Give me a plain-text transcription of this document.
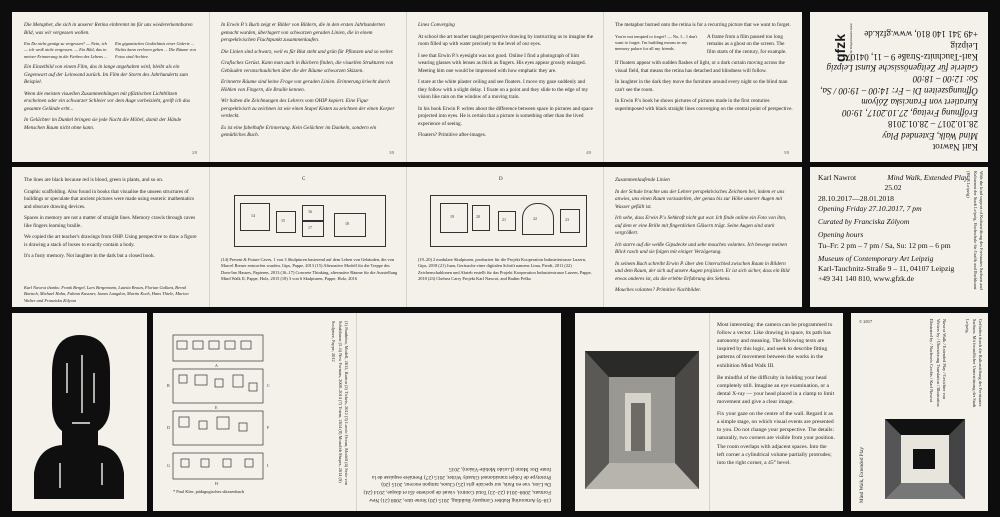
Die Metapher, die sich in unserer Retina einbrennt im für uns wiedererkennbaren Bild, was wir vergessen wollen.

Ein Du nicht genügt zu vergessen? — Nein, ich — ich weiß nicht vergessen. — Ein Bild, das in meiner Erinnerung in die Farben des Lebens ...
Ein gigantisches Gedächtnis einer Galerie ... Nichts kann verloren gehen ... Die Räume von Fotos sind Archive.

Ein Einzelbild von einem Film, das in lange angehalten wird, bleibt als ein Gegenwart auf der Leinwand zurück. Im Film der Storm des Jahrhunderts zum Beispiel.

Wenn die meisten visuellen Zusammenhängen mit pfäztischen Lichtblitzen erscheinen oder ein schwarzer Schleier vor dem Auge vorbeizieht, greift ich das gesamte Gelände erbt...

In Gelächter im Dunkel bringen sie jede Nacht die Möbel, damit der Hände Menschen Raum nicht ohne kann.

2/8

In Erwin P.'s Buch zeigt er Bilder von Bildern, die in den ersten Jahrhunderten gemacht wurden, überlagert von schwarzen geraden Linien, die in einem perspektivischen Fluchtpunkt zusammenlaufen.

Die Linien sind schwarz, weil es für Blut steht und grün für Pflanzen und so weiter.

Grafisches Gerüst. Kann man auch in Büchern finden, die visuellen Strukturen von Gebäuden veranschaulichen über die der Räume schwarzen Skizzen.

Erinnerte Räume sind keine Frage von geraden Linien. Erinnerung kriecht durch Höhlen von Fingern, die Bruille kennen.

Wir haben die Zeichnungen des Lehrers vom OHIP kopiert. Eine Figur perspektivisch zu zeichnen ist wie einen Stapel Kisten zu zeichnen der einen Korper verdeckt.

Es ist eine fabelhafte Erinnerung. Kein Gelächter im Dunkeln, sondern ein gemütliches Buch.

3/8

Lines Converging

At school the art teacher taught perspective drawing by instructing us to imagine the room filled up with water precisely to the level of our eyes.

I see that Erwin P.'s eyesight was not good. Online I find a photograph of him wearing glasses with lenses as thick as fingers. His eyes appear grossly enlarged. Meeting him one would be impressed with how emphatic they are.

I stare at the white plaster ceiling and see floaters. I move my gaze suddenly and they follow with a slight delay. I fixate on a point and they slide to the edge of my vision like rain on the window of a moving train.

In his book Erwin P. writes about the difference between space in pictures and space projected into eyes. He is certain that a picture is something other than the lived experience of seeing.

Floaters? Primitive after-images.

4/8

The metaphor burned onto the retina is for a recurring picture that we want to forget.

You're not tempted to forget? — No, I... I don't want to forget. I'm building moons in my memory palace for all my friends.
A frame from a film paused too long remains as a ghost on the screen. The film starts of the century, for example.

If floaters appear with sudden flashes of light, or a dark curtain moving across the visual field, that means the retina has detached and blindness will follow.

In laughter in the dark they move the furniture around every night so the blind man can't see the room.

In Erwin P.'s book he shows pictures of pictures made in the first centuries superimposed with black straight lines converging on the central point of perspective.

5/8
Karl Nawrot
Mind Walk, Extended Play
28.10.2017 – 28.01.2018
Eröffnung Freitag, 27.10.2017, 19:00
Kuratiert von Franciska Zólyom
Öffnungszeiten Di – Fr: 14:00 – 19:00 / Sa, So: 12:00 – 18:00
Galerie für Zeitgenössische Kunst Leipzig
Karl-Tauchnitz-Straße 9 – 11, 04107 Leipzig
+49 341 140 810, www.gfzk.de
gfzk Galerie für Zeitgenössische Kunst

The lines are black because red is blood, green is plants, and so on.

Graphic scaffolding. Also found in books that visualise the unseen structures of buildings or speculate that ancient pictures were made using esoteric mathematics and obscure drawing devices.

Spaces in memory are not a matter of straight lines. Memory crawls through caves like fingers learning braille.

We copied the art teacher's drawings from OHP. Using perspective to draw a figure is drawing a stack of boxes to exactly contain a body.

It's a fusty memory. Not laughter in the dark but a closed book.

Karl Nawrot thanks: Frank Bergel, Lars Bergemann, Lutetia Braun, Florian Gallant, Bernd Bartsch, Michael Hahn, Fabian Kassner, James Langdon, Martin Koch, Hans Thiele, Marion Walter and Franziska Zölyom
C
14
15
16
17
18
(14) Present & Future Caves, 1 von 3 Skulpturen basierend auf dem Leben von Gebäuden, die von Marcel Breuer entworfen wurden, Gips, Pappe, 2013 (15) Alternative Modell für die Treppe des Dom-Ino Hauses, Papieren, 2013 (16–17) Concrete Thinking, alternative Räume für die Ausstellung Mind Walk II, Pappe, Holz, 2015 (18) 3 von 6 Skulpturen, Pappe, Holz, 2016
D
19	20
21	22	23
(19–20) 2 modulare Skulpturen, produziert für die Projekt Kooperation Industriestrasse Luzern, Gips, 2018 (21) Juan, Geräusche einer digitalen Schrift namens Lima, Pierdt, 2011 (22) Zeichenschablonen und Abrieb erstellt für das Projekt Kooperation Industriestrasse Luzern, Pappe, 2018 (23) Chelsea Carry Projekt Karl Nawrot, and Radim Peško

Zusammenlaufende Linien

In der Schule brachte uns der Lehrer perspektivisches Zeichnen bei, indem er uns anwies, uns einen Raum vorzustellen, der genau bis zur Höhe unserer Augen mit Wasser gefüllt ist.

Ich sehe, dass Erwin P.'s Sehkraft nicht gut war. Ich finde online ein Foto von ihm, auf dem er eine Brille mit fingerdicken Gläsern trägt. Seine Augen sind stark vergrößert.

Ich starre auf die weiße Gipsdecke und sehe mouches volantes. Ich bewege meinen Blick rasch und sie folgen mit einiger Verzögerung.

In seinem Buch schreibt Erwin P. über den Unterschied zwischen Raum in Bildern und dem Raum, der sich auf unsere Augen projiziert. Er ist sich sicher, dass ein Bild etwas anderes ist, als die erlebte Erfahrung des Sehens.

Mouches volantes? Primitive Nachbilder.

Karl Nawrot	Mind Walk, Extended Play
25.02
28.10.2017—28.01.2018
Opening Friday 27.10.2017, 7 pm
Curated by Franciska Zólyom
Opening hours
Tu–Fr: 2 pm – 7 pm / Sa, Su: 12 pm – 6 pm
Museum of Contemporary Art Leipzig
Karl-Tauchnitz-Straße 9 – 11, 04107 Leipzig
+49 341 140 810, www.gfzk.de	With the kind support of Kulturstiftung des Freistaates Sachsen and Kulturamt der Stadt Leipzig, Hochschule für Grafik und Buchkunst (HGB Leipzig)
A
B	C
D
E
F
G
H
I
* Paul Klee, pädagogisches skizzenbuch
(1) Panthéon, Modell, 2012, Karton (2) Tickets, 2012 (3) Lavoir Ocean, Modell (4) Serie von Schablonen (5–6) New Formats, 2008–2014 (7) Totem, 2014 (8) Monolith Shapes, 2014 (9) Sculpture, Pappe, 2012
(18–9) Armouring Rubber Company Building, 2015 (20) Stone titre, 2008 (21) New Formats, 2008–2014 (22–23) Total Control, visuel de pochette 45t et disque, 2014 (24) Du Lion, vue en Paris, sur speciale gris (25) Chaos, tampon encreur, 2015 (26) Prototype de l'objet transitionnel Ghastly Writer, 2015 (27) Première esquisse de la fonte Doc Mono (Lucido Mobile-Vision), 2015

Most interesting: the camera can be programmed to follow a vector. Like drawing in space, its path has autonomy and meaning. The following texts are inspired by this logic, and seek to describe fitting patterns of movement between the works in the exhibition Mind Walk III.

Be mindful of the difficulty in holding your head completely still. Imagine an eye examination, or a dental X-ray — your head placed in a clamp to limit movement and give a clear image.

Fix your gaze on the centre of the wall. Regard it as a simple stage, on which visual events are presented to you. Do not change your perspective. The details: naturally, two corners are visible from your position. The room overlaps with adjacent spaces. Into the left corner a cylindrical volume partially protrudes; into the right corner, a 45° bevel.

Nawrot Walk / Extended Play / Gesichter von Writers by / Übersetzung Translation / Illustration Illustrated by / Nachweis Credits / Karl Nawrot	Gefördert durch die Kulturstiftung des Freistaates Sachsen. Mit freundlicher Unterstützung der Stadt Leipzig.
Mind Walk, Extended Play
© 2017
